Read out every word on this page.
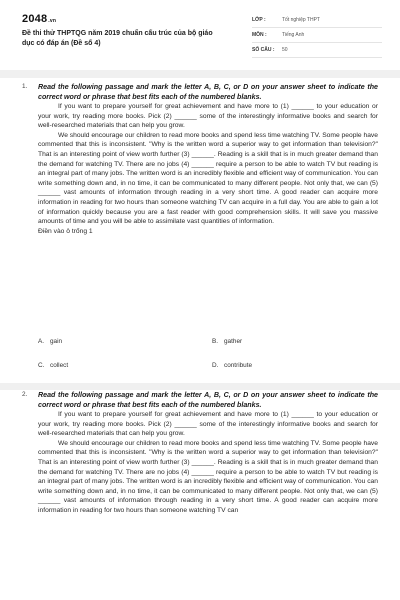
2048.vn
Đề thi thử THPTQG năm 2019 chuẩn cấu trúc của bộ giáo dục có đáp án (Đề số 4)
LỚP :	Tốt nghiệp THPT
MÔN :	Tiếng Anh
SỐ CÂU : 50
1. Read the following passage and mark the letter A, B, C, or D on your answer sheet to indicate the correct word or phrase that best fits each of the numbered blanks.

If you want to prepare yourself for great achievement and have more to (1) ______ to your education or your work, try reading more books. Pick (2) ______ some of the interestingly informative books and search for well-researched materials that can help you grow.

We should encourage our children to read more books and spend less time watching TV. Some people have commented that this is inconsistent. "Why is the written word a superior way to get information than television?" That is an interesting point of view worth further (3) ______. Reading is a skill that is in much greater demand than the demand for watching TV. There are no jobs (4) ______ require a person to be able to watch TV but reading is an integral part of many jobs. The written word is an incredibly flexible and efficient way of communication. You can write something down and, in no time, it can be communicated to many different people. Not only that, we can (5) ______ vast amounts of information through reading in a very short time. A good reader can acquire more information in reading for two hours than someone watching TV can acquire in a full day. You are able to gain a lot of information quickly because you are a fast reader with good comprehension skills. It will save you massive amounts of time and you will be able to assimilate vast quantities of information.

Điền vào ô trống 1
A. gain	B. gather
C. collect	D. contribute
2. Read the following passage and mark the letter A, B, C, or D on your answer sheet to indicate the correct word or phrase that best fits each of the numbered blanks.

If you want to prepare yourself for great achievement and have more to (1) ______ to your education or your work, try reading more books. Pick (2) ______ some of the interestingly informative books and search for well-researched materials that can help you grow.

We should encourage our children to read more books and spend less time watching TV. Some people have commented that this is inconsistent. "Why is the written word a superior way to get information than television?" That is an interesting point of view worth further (3) ______. Reading is a skill that is in much greater demand than the demand for watching TV. There are no jobs (4) ______ require a person to be able to watch TV but reading is an integral part of many jobs. The written word is an incredibly flexible and efficient way of communication. You can write something down and, in no time, it can be communicated to many different people. Not only that, we can (5) ______ vast amounts of information through reading in a very short time. A good reader can acquire more information in reading for two hours than someone watching TV can
